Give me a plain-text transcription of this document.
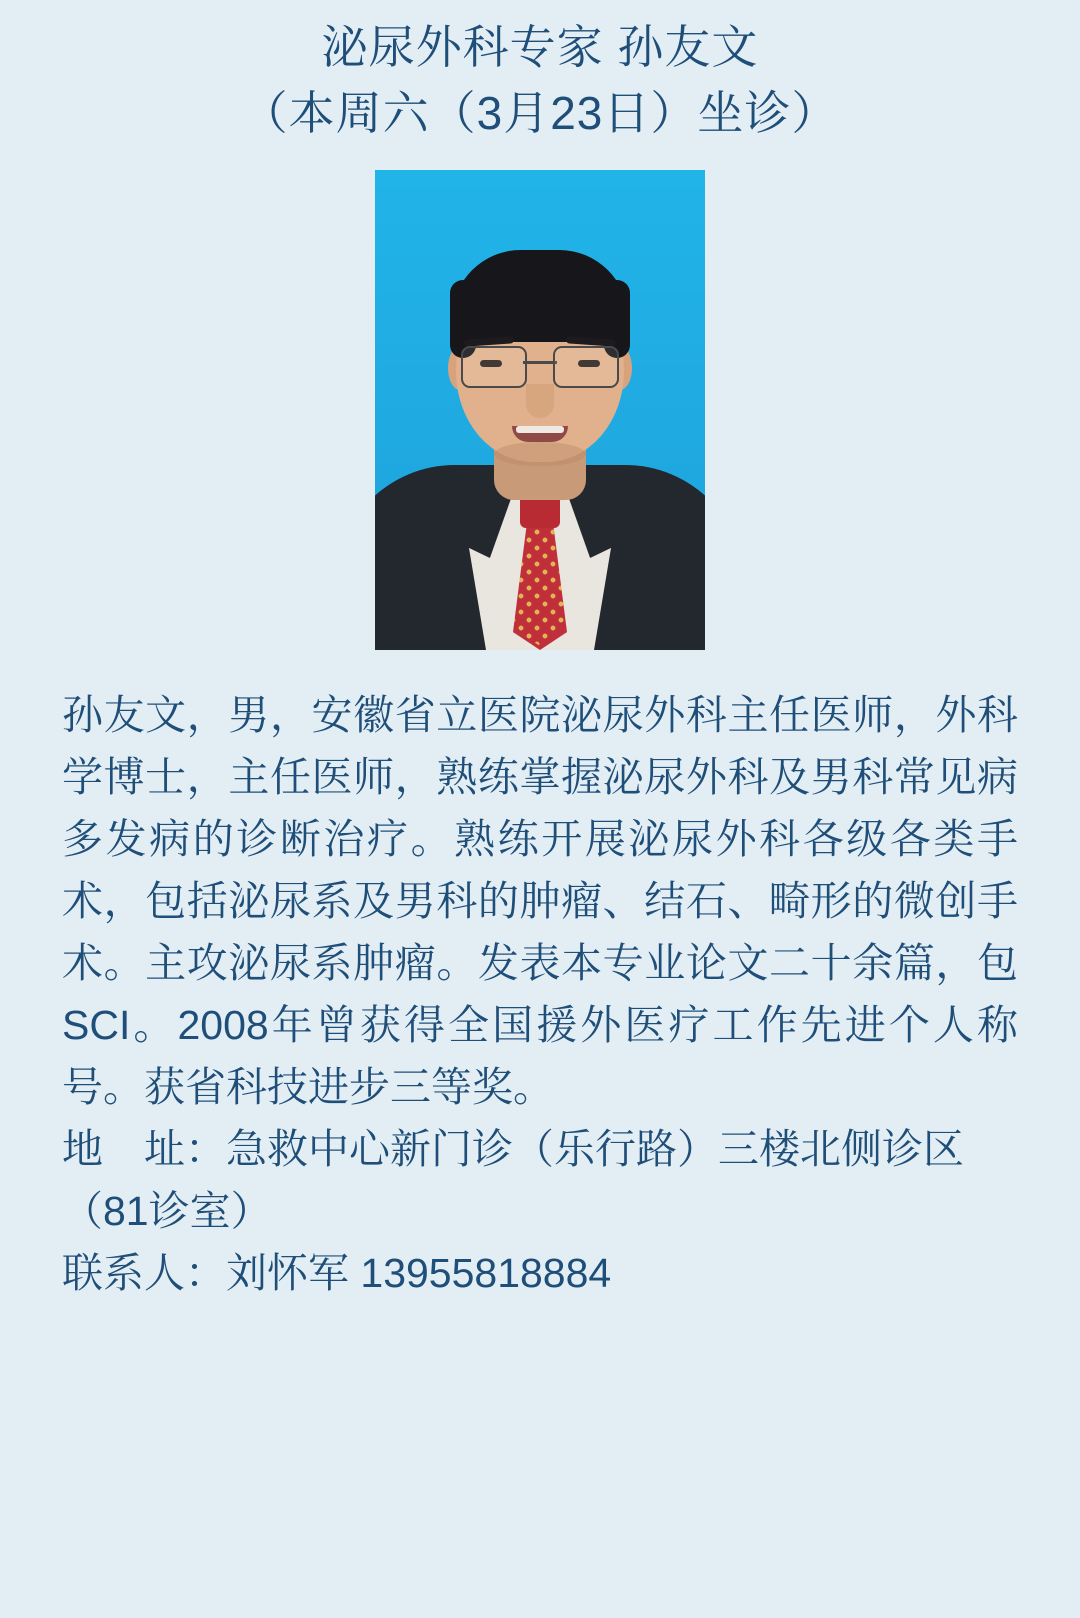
泌尿外科专家 孙友文
（本周六（3月23日）坐诊）
孙友文，男，安徽省立医院泌尿外科主任医师，外科学博士，主任医师，熟练掌握泌尿外科及男科常见病多发病的诊断治疗。熟练开展泌尿外科各级各类手术，包括泌尿系及男科的肿瘤、结石、畸形的微创手术。主攻泌尿系肿瘤。发表本专业论文二十余篇，包SCI。2008年曾获得全国援外医疗工作先进个人称号。获省科技进步三等奖。
地　址：急救中心新门诊（乐行路）三楼北侧诊区（81诊室）
联系人：刘怀军 13955818884
